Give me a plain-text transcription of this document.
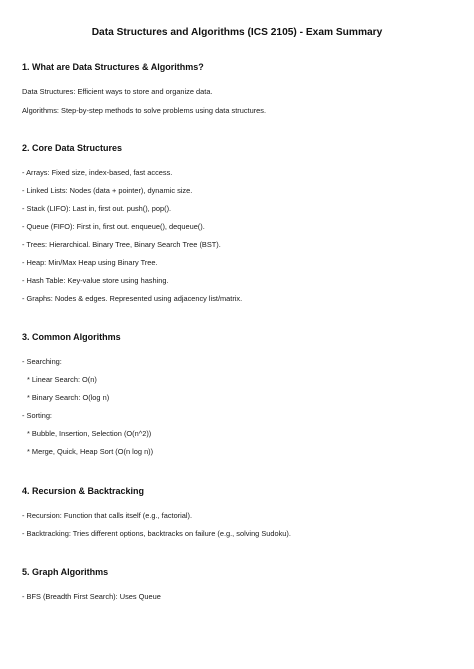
Data Structures and Algorithms (ICS 2105) - Exam Summary
1. What are Data Structures & Algorithms?
Data Structures: Efficient ways to store and organize data.
Algorithms: Step-by-step methods to solve problems using data structures.
2. Core Data Structures
- Arrays: Fixed size, index-based, fast access.
- Linked Lists: Nodes (data + pointer), dynamic size.
- Stack (LIFO): Last in, first out. push(), pop().
- Queue (FIFO): First in, first out. enqueue(), dequeue().
- Trees: Hierarchical. Binary Tree, Binary Search Tree (BST).
- Heap: Min/Max Heap using Binary Tree.
- Hash Table: Key-value store using hashing.
- Graphs: Nodes & edges. Represented using adjacency list/matrix.
3. Common Algorithms
- Searching:
* Linear Search: O(n)
* Binary Search: O(log n)
- Sorting:
* Bubble, Insertion, Selection (O(n^2))
* Merge, Quick, Heap Sort (O(n log n))
4. Recursion & Backtracking
- Recursion: Function that calls itself (e.g., factorial).
- Backtracking: Tries different options, backtracks on failure (e.g., solving Sudoku).
5. Graph Algorithms
- BFS (Breadth First Search): Uses Queue
